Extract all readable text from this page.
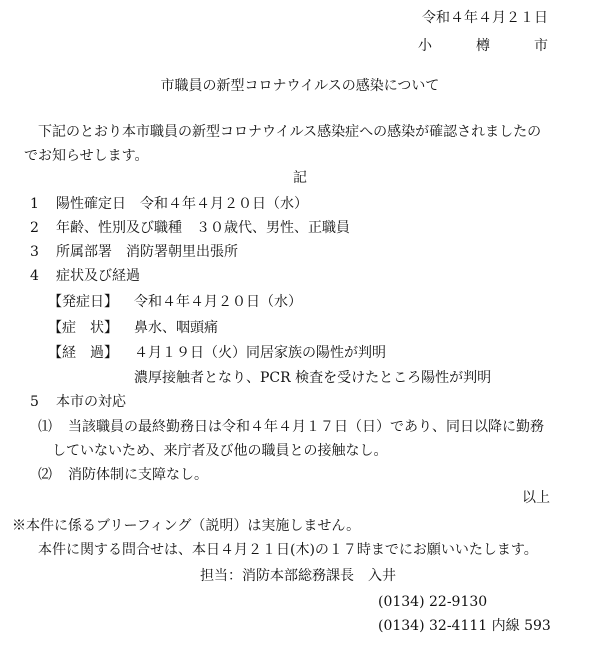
令和４年４月２１日
小	樽	市
市職員の新型コロナウイルスの感染について
下記のとおり本市職員の新型コロナウイルス感染症への感染が確認されましたの
でお知らせします。
記
1 陽性確定日　令和４年４月２０日（水）
2 年齢、性別及び職種　３０歳代、男性、正職員
3 所属部署　消防署朝里出張所
4 症状及び経過
【発症日】 令和４年４月２０日（水）
【症　状】 鼻水、咽頭痛
【経　過】 ４月１９日（火）同居家族の陽性が判明
濃厚接触者となり、PCR 検査を受けたところ陽性が判明
5 本市の対応
⑴ 当該職員の最終勤務日は令和４年４月１７日（日）であり、同日以降に勤務
していないため、来庁者及び他の職員との接触なし。
⑵ 消防体制に支障なし。
以上
※本件に係るブリーフィング（説明）は実施しません。
本件に関する問合せは、本日４月２１日(木)の１７時までにお願いいたします。
担当：消防本部総務課長　入井
(0134) 22-9130
(0134) 32-4111 内線 593
